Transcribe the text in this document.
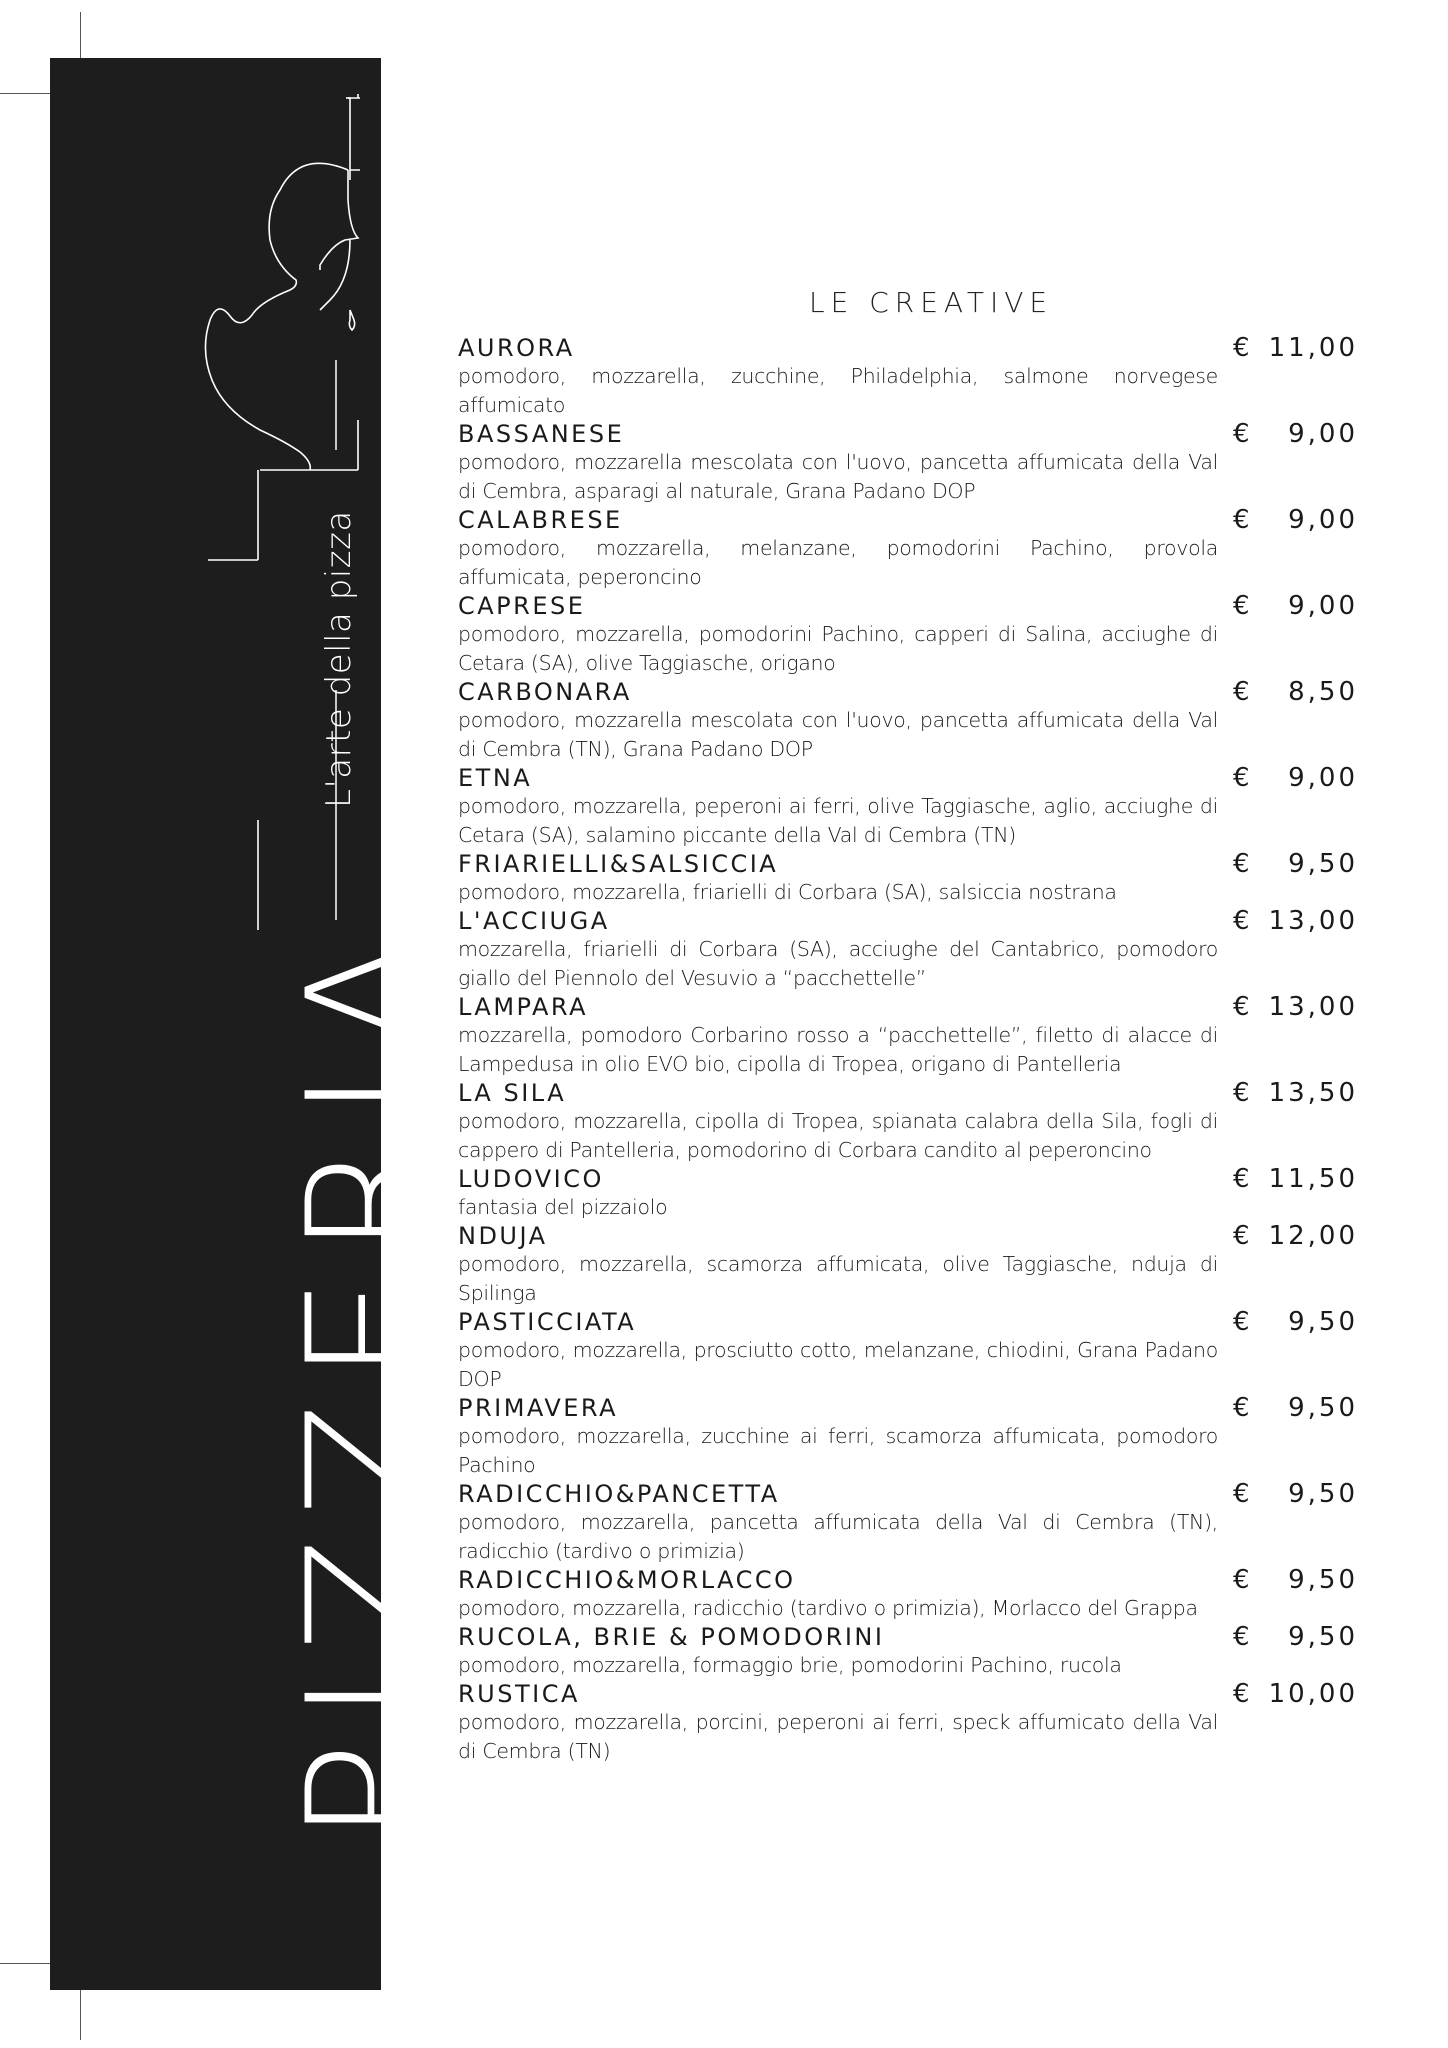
L'arte della pizza
PIZZERIA
LE CREATIVE
AURORA
pomodoro, mozzarella, zucchine, Philadelphia, salmone norvegese affumicato
€ 11,00
BASSANESE
pomodoro, mozzarella mescolata con l'uovo, pancetta affumicata della Val di Cembra, asparagi al naturale, Grana Padano DOP
€ 9,00
CALABRESE
pomodoro, mozzarella, melanzane, pomodorini Pachino, provola affumicata, peperoncino
€ 9,00
CAPRESE
pomodoro, mozzarella, pomodorini Pachino, capperi di Salina, acciughe di Cetara (SA), olive Taggiasche, origano
€ 9,00
CARBONARA
pomodoro, mozzarella mescolata con l'uovo, pancetta affumicata della Val di Cembra (TN), Grana Padano DOP
€ 8,50
ETNA
pomodoro, mozzarella, peperoni ai ferri, olive Taggiasche, aglio, acciughe di Cetara (SA), salamino piccante della Val di Cembra (TN)
€ 9,00
FRIARIELLI&SALSICCIA
pomodoro, mozzarella, friarielli di Corbara (SA), salsiccia nostrana
€ 9,50
L'ACCIUGA
mozzarella, friarielli di Corbara (SA), acciughe del Cantabrico, pomodoro giallo del Piennolo del Vesuvio a “pacchettelle”
€ 13,00
LAMPARA
mozzarella, pomodoro Corbarino rosso a “pacchettelle”, filetto di alacce di Lampedusa in olio EVO bio, cipolla di Tropea, origano di Pantelleria
€ 13,00
LA SILA
pomodoro, mozzarella, cipolla di Tropea, spianata calabra della Sila, fogli di cappero di Pantelleria, pomodorino di Corbara candito al peperoncino
€ 13,50
LUDOVICO
fantasia del pizzaiolo
€ 11,50
NDUJA
pomodoro, mozzarella, scamorza affumicata, olive Taggiasche, nduja di Spilinga
€ 12,00
PASTICCIATA
pomodoro, mozzarella, prosciutto cotto, melanzane, chiodini, Grana Padano DOP
€ 9,50
PRIMAVERA
pomodoro, mozzarella, zucchine ai ferri, scamorza affumicata, pomodoro Pachino
€ 9,50
RADICCHIO&PANCETTA
pomodoro, mozzarella, pancetta affumicata della Val di Cembra (TN), radicchio (tardivo o primizia)
€ 9,50
RADICCHIO&MORLACCO
pomodoro, mozzarella, radicchio (tardivo o primizia), Morlacco del Grappa
€ 9,50
RUCOLA, BRIE & POMODORINI
pomodoro, mozzarella, formaggio brie, pomodorini Pachino, rucola
€ 9,50
RUSTICA
pomodoro, mozzarella, porcini, peperoni ai ferri, speck affumicato della Val di Cembra (TN)
€ 10,00
